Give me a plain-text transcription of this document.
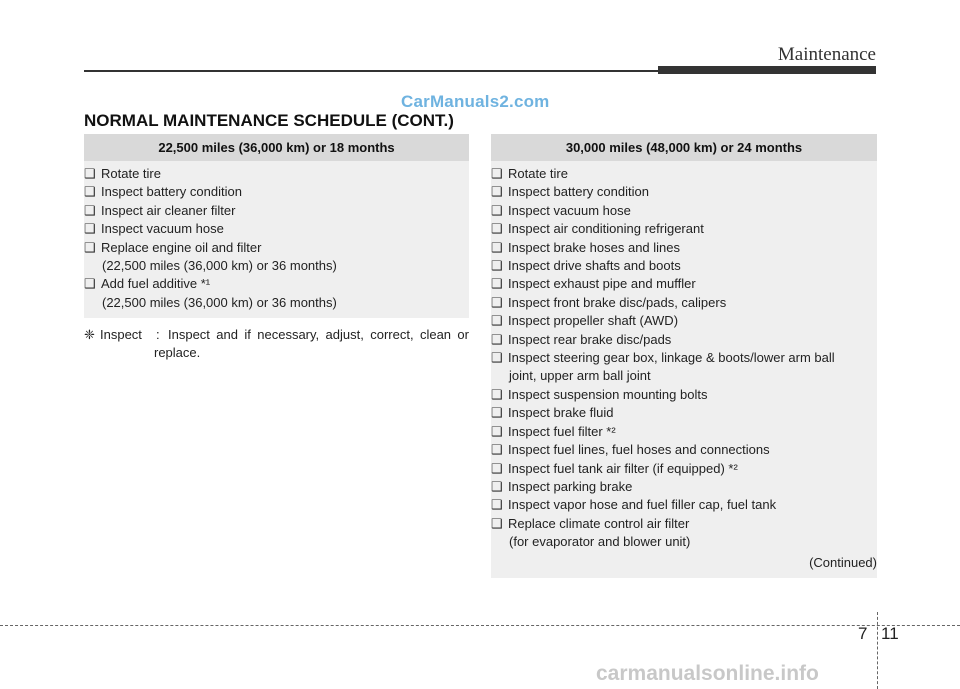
Maintenance
CarManuals2.com
NORMAL MAINTENANCE SCHEDULE (CONT.)
22,500 miles (36,000 km) or 18 months
❑ Rotate tire
❑ Inspect battery condition
❑ Inspect air cleaner filter
❑ Inspect vacuum hose
❑ Replace engine oil and filter
(22,500 miles (36,000 km) or 36 months)
❑ Add fuel additive *¹
(22,500 miles (36,000 km) or 36 months)
❈ Inspect	: Inspect and if necessary, adjust, correct, clean or
replace.
30,000 miles (48,000 km) or 24 months
❑ Rotate tire
❑ Inspect battery condition
❑ Inspect vacuum hose
❑ Inspect air conditioning refrigerant
❑ Inspect brake hoses and lines
❑ Inspect drive shafts and boots
❑ Inspect exhaust pipe and muffler
❑ Inspect front brake disc/pads, calipers
❑ Inspect propeller shaft (AWD)
❑ Inspect rear brake disc/pads
❑ Inspect steering gear box, linkage & boots/lower arm ball
joint, upper arm ball joint
❑ Inspect suspension mounting bolts
❑ Inspect brake fluid
❑ Inspect fuel filter *²
❑ Inspect fuel lines, fuel hoses and connections
❑ Inspect fuel tank air filter (if equipped) *²
❑ Inspect parking brake
❑ Inspect vapor hose and fuel filler cap, fuel tank
❑ Replace climate control air filter
(for evaporator and blower unit)
(Continued)
7 11
carmanualsonline.info
